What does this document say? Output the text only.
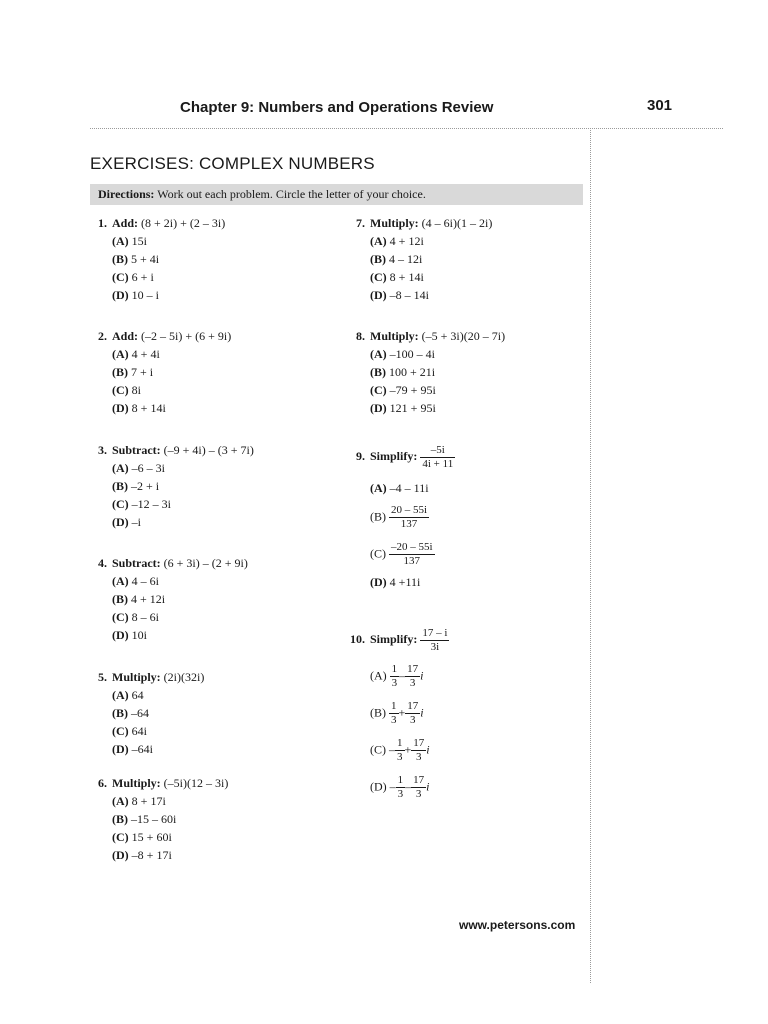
Chapter 9: Numbers and Operations Review	301
EXERCISES: COMPLEX NUMBERS
Directions: Work out each problem. Circle the letter of your choice.
1. Add: (8 + 2i) + (2 – 3i)
(A) 15i
(B) 5 + 4i
(C) 6 + i
(D) 10 – i
2. Add: (–2 – 5i) + (6 + 9i)
(A) 4 + 4i
(B) 7 + i
(C) 8i
(D) 8 + 14i
3. Subtract: (–9 + 4i) – (3 + 7i)
(A) –6 – 3i
(B) –2 + i
(C) –12 – 3i
(D) –i
4. Subtract: (6 + 3i) – (2 + 9i)
(A) 4 – 6i
(B) 4 + 12i
(C) 8 – 6i
(D) 10i
5. Multiply: (2i)(32i)
(A) 64
(B) –64
(C) 64i
(D) –64i
6. Multiply: (–5i)(12 – 3i)
(A) 8 + 17i
(B) –15 – 60i
(C) 15 + 60i
(D) –8 + 17i
7. Multiply: (4 – 6i)(1 – 2i)
(A) 4 + 12i
(B) 4 – 12i
(C) 8 + 14i
(D) –8 – 14i
8. Multiply: (–5 + 3i)(20 – 7i)
(A) –100 – 4i
(B) 100 + 21i
(C) –79 + 95i
(D) 121 + 95i
9. Simplify: $\frac{-5i}{4i + 11}$
(A) –4 – 11i
$(B) \frac{20 - 55i}{137}$
$(C) \frac{-20 - 55i}{137}$
(D) 4 +11i
10. Simplify: $\frac{17 - i}{3i}$
$(A) \frac{1}{3} - \frac{17}{3}$ i
$(B) \frac{1}{3} + \frac{17}{3}$ i
$(C) - \frac{1}{3} + \frac{17}{3}$ i
$(D) - \frac{1}{3} - \frac{17}{3}$ i
www.petersons.com
